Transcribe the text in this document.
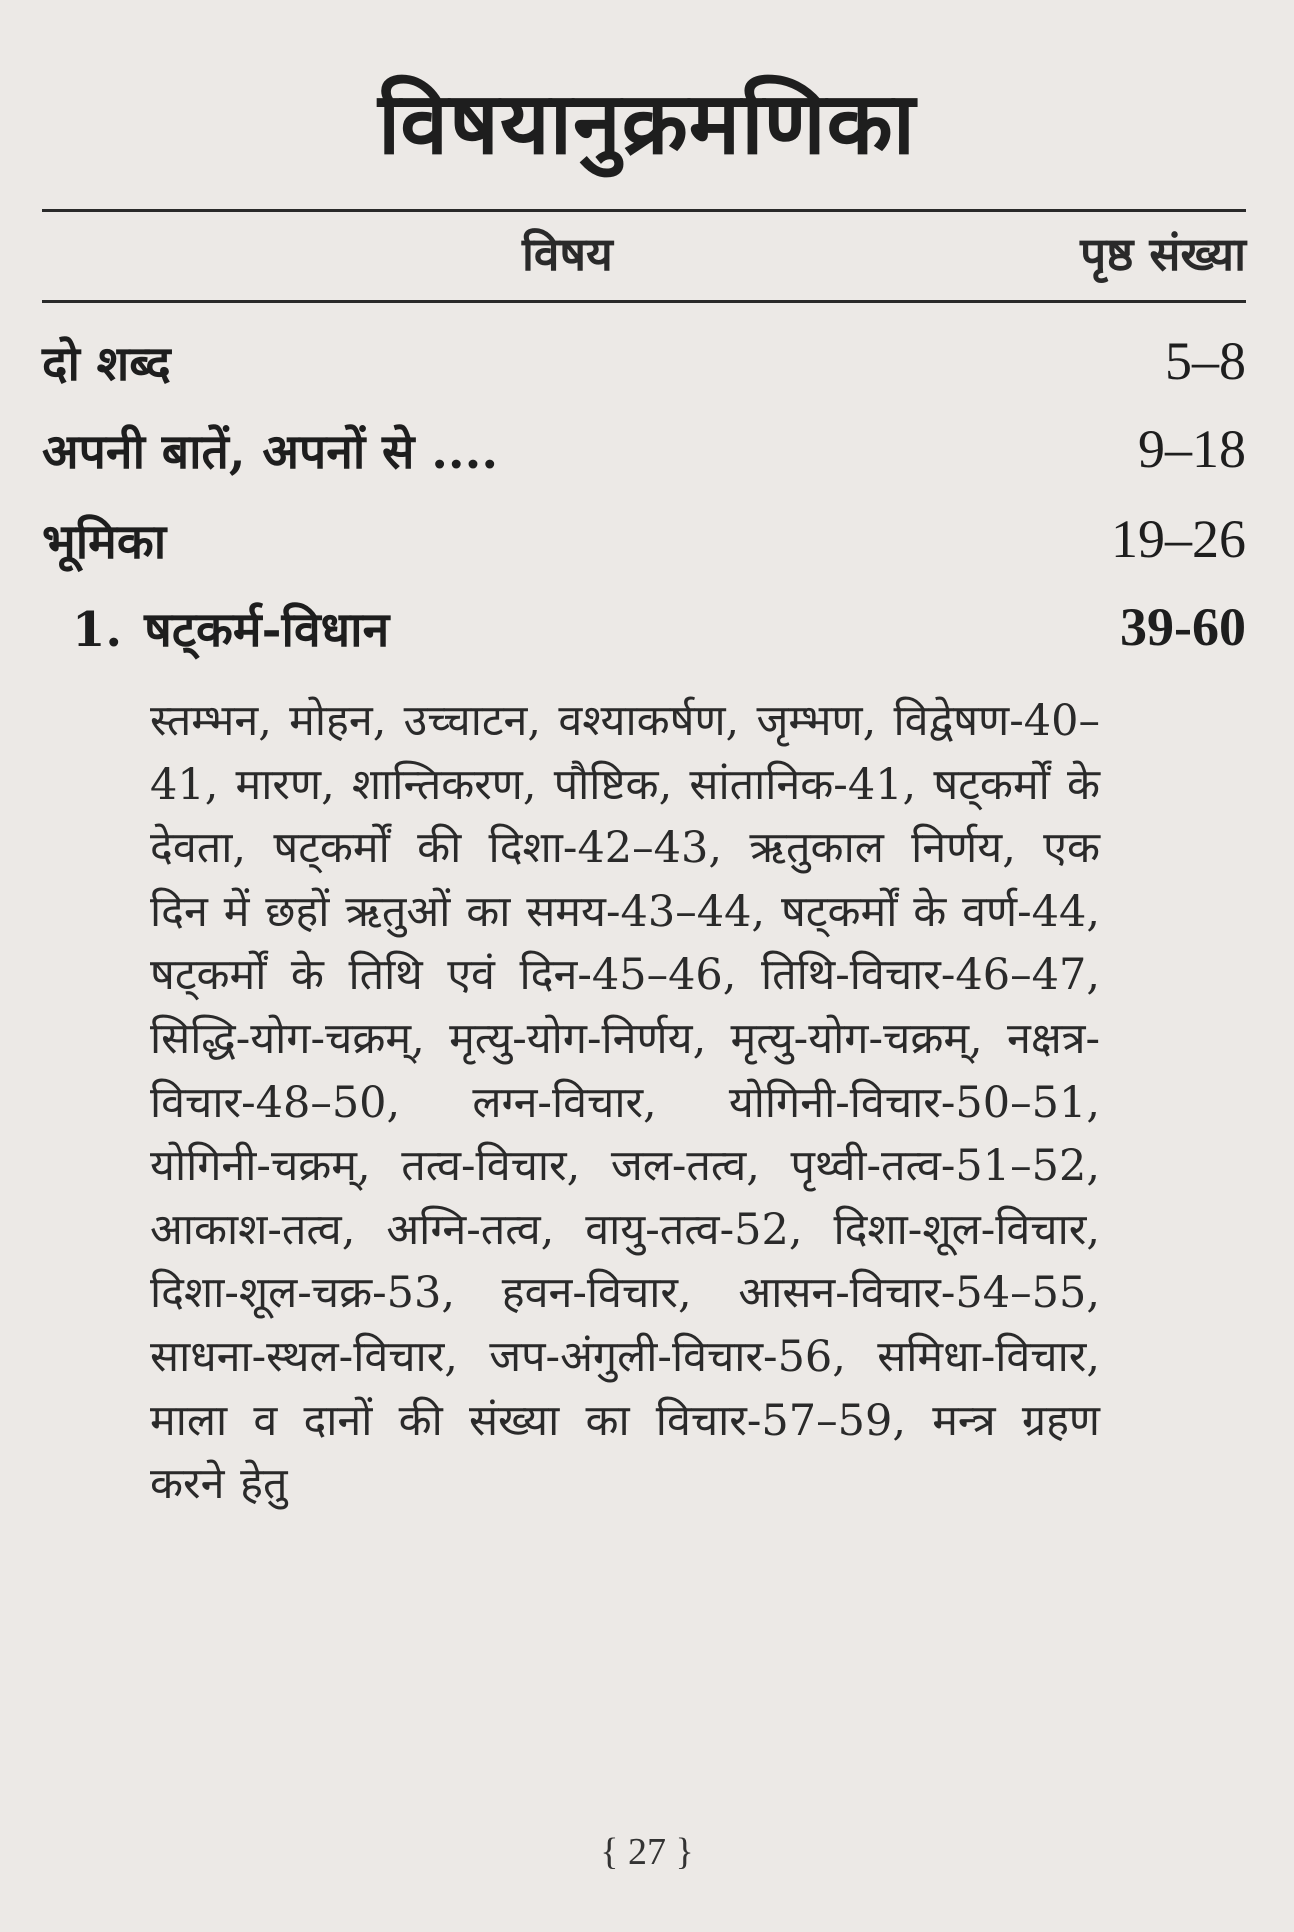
विषयानुक्रमणिका
विषय	पृष्ठ संख्या
दो शब्द	5–8
अपनी बातें, अपनों से ....	9–18
भूमिका	19–26
1. षट्कर्म-विधान	39-60
स्तम्भन, मोहन, उच्चाटन, वश्याकर्षण, जृम्भण, विद्वेषण-40–41, मारण, शान्तिकरण, पौष्टिक, सांतानिक-41, षट्कर्मों के देवता, षट्कर्मों की दिशा-42–43, ऋतुकाल निर्णय, एक दिन में छहों ऋतुओं का समय-43–44, षट्कर्मों के वर्ण-44, षट्कर्मों के तिथि एवं दिन-45–46, तिथि-विचार-46–47, सिद्धि-योग-चक्रम्, मृत्यु-योग-निर्णय, मृत्यु-योग-चक्रम्, नक्षत्र-विचार-48–50, लग्न-विचार, योगिनी-विचार-50–51, योगिनी-चक्रम्, तत्व-विचार, जल-तत्व, पृथ्वी-तत्व-51–52, आकाश-तत्व, अग्नि-तत्व, वायु-तत्व-52, दिशा-शूल-विचार, दिशा-शूल-चक्र-53, हवन-विचार, आसन-विचार-54–55, साधना-स्थल-विचार, जप-अंगुली-विचार-56, समिधा-विचार, माला व दानों की संख्या का विचार-57–59, मन्त्र ग्रहण करने हेतु
{ 27 }
